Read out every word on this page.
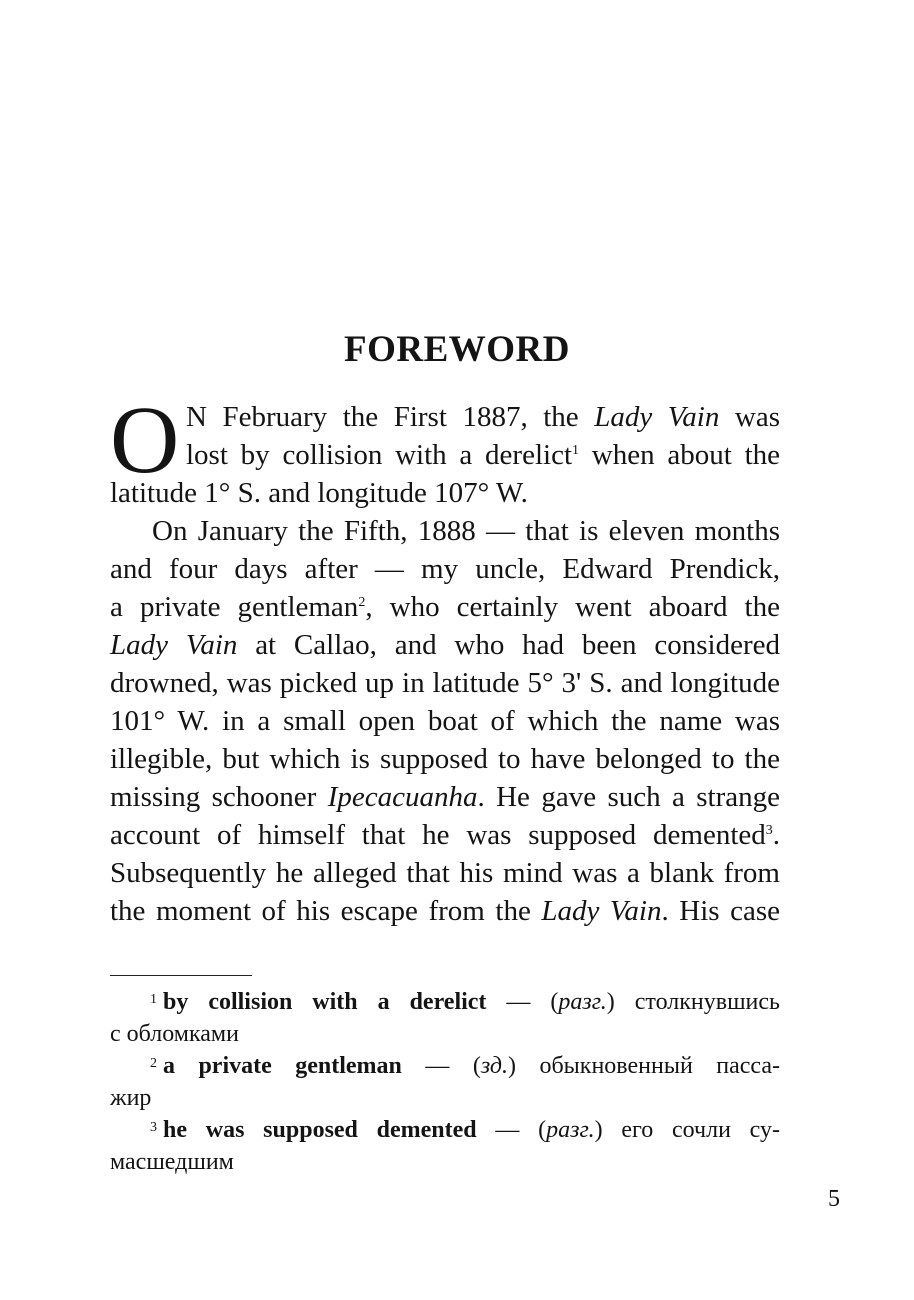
FOREWORD
O N February the First 1887, the Lady Vain was
lost by collision with a derelict$^1$ when about the
latitude 1° S. and longitude 107° W.
On January the Fifth, 1888 — that is eleven months
and four days after — my uncle, Edward Prendick,
a private gentleman$^2$, who certainly went aboard the
Lady Vain at Callao, and who had been considered
drowned, was picked up in latitude 5° 3' S. and longitude
101° W. in a small open boat of which the name was
illegible, but which is supposed to have belonged to the
missing schooner Ipecacuanha. He gave such a strange
account of himself that he was supposed demented$^3$.
Subsequently he alleged that his mind was a blank from
the moment of his escape from the Lady Vain. His case
$^1$ by collision with a derelict — (разг.) столкнувшись
с обломками
$^2$ a private gentleman — (зд.) обыкновенный пасса-
жир
$^3$ he was supposed demented — (разг.) его сочли су-
масшедшим
5
